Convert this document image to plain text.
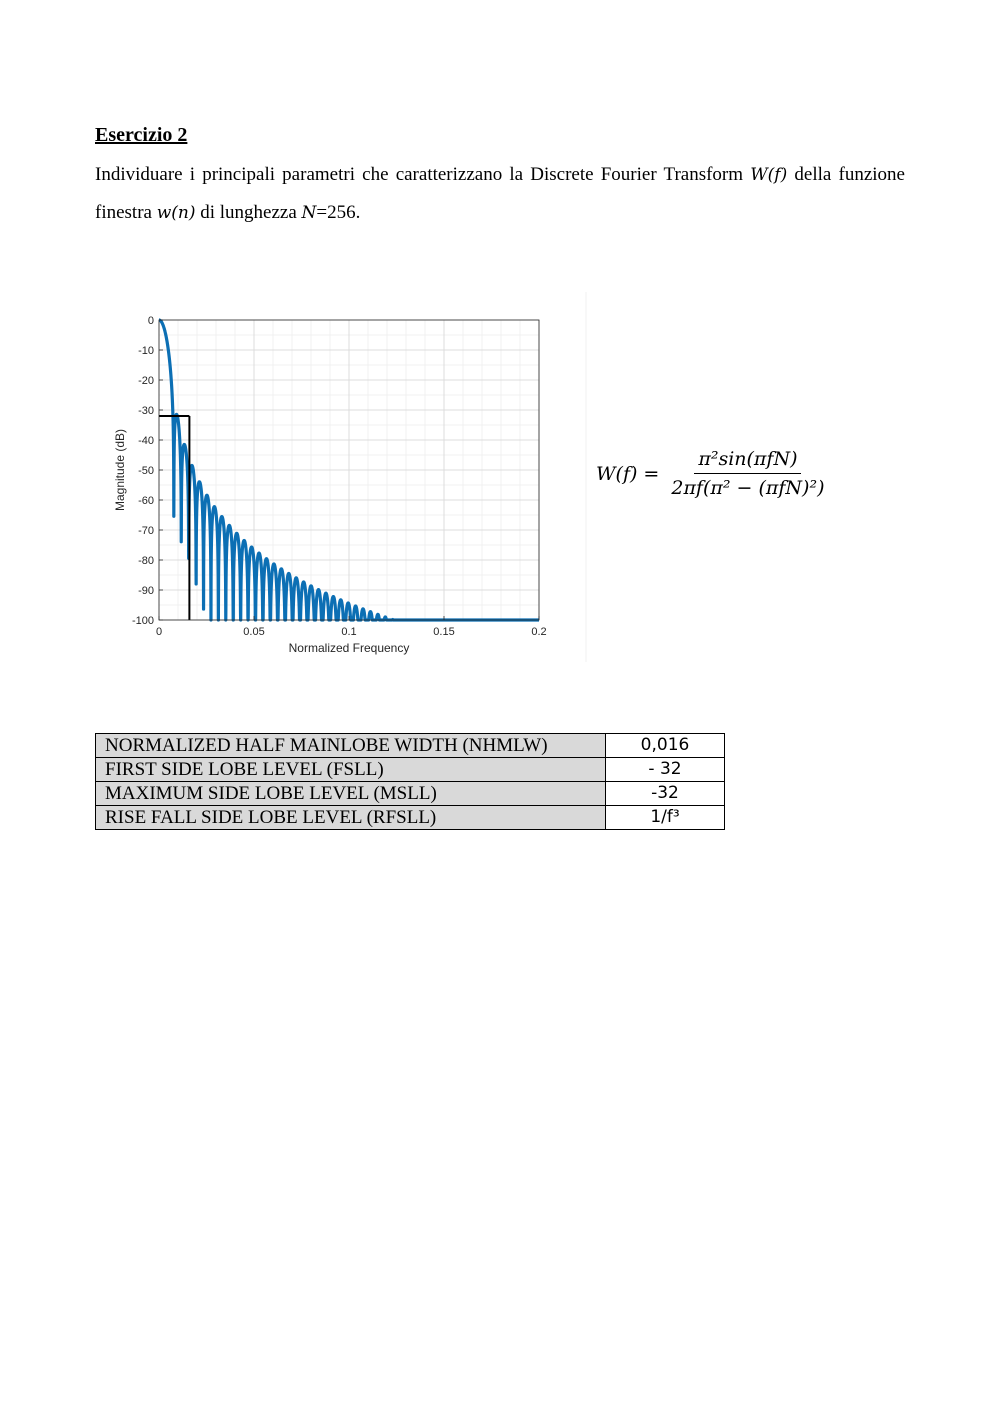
Esercizio 2
Individuare i principali parametri che caratterizzano la Discrete Fourier Transform W(f) della funzione finestra w(n) di lunghezza N=256.
0	0.05	0.1	0.15	0.2
0
-10
-20
-30
-40
-50
-60
-70
-80
-90
-100
Normalized Frequency
Magnitude (dB)	$W(f) = \frac{\text{π²sin(πfN)}}{\text{2πf(π² − (πfN)²)}}$
NORMALIZED HALF MAINLOBE WIDTH (NHMLW)	0,016
FIRST SIDE LOBE LEVEL (FSLL)	- 32
MAXIMUM SIDE LOBE LEVEL (MSLL)	-32
RISE FALL SIDE LOBE LEVEL (RFSLL)	1/f³
